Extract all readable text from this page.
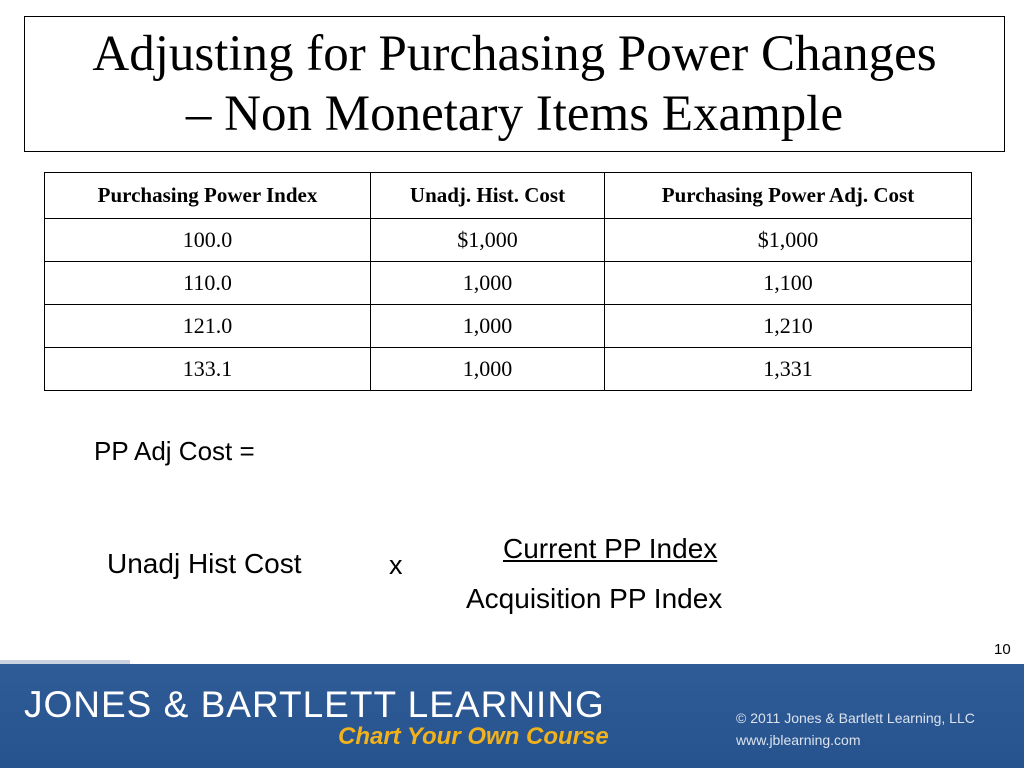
Adjusting for Purchasing Power Changes
– Non Monetary Items Example
Purchasing Power Index	Unadj. Hist. Cost	Purchasing Power Adj. Cost
100.0	$1,000	$1,000
110.0	1,000	1,100
121.0	1,000	1,210
133.1	1,000	1,331
PP Adj Cost =
Unadj Hist Cost	x
Current PP Index
Acquisition PP Index
10
JONES & BARTLETT LEARNING
Chart Your Own Course
© 2011 Jones & Bartlett Learning, LLC
www.jblearning.com
